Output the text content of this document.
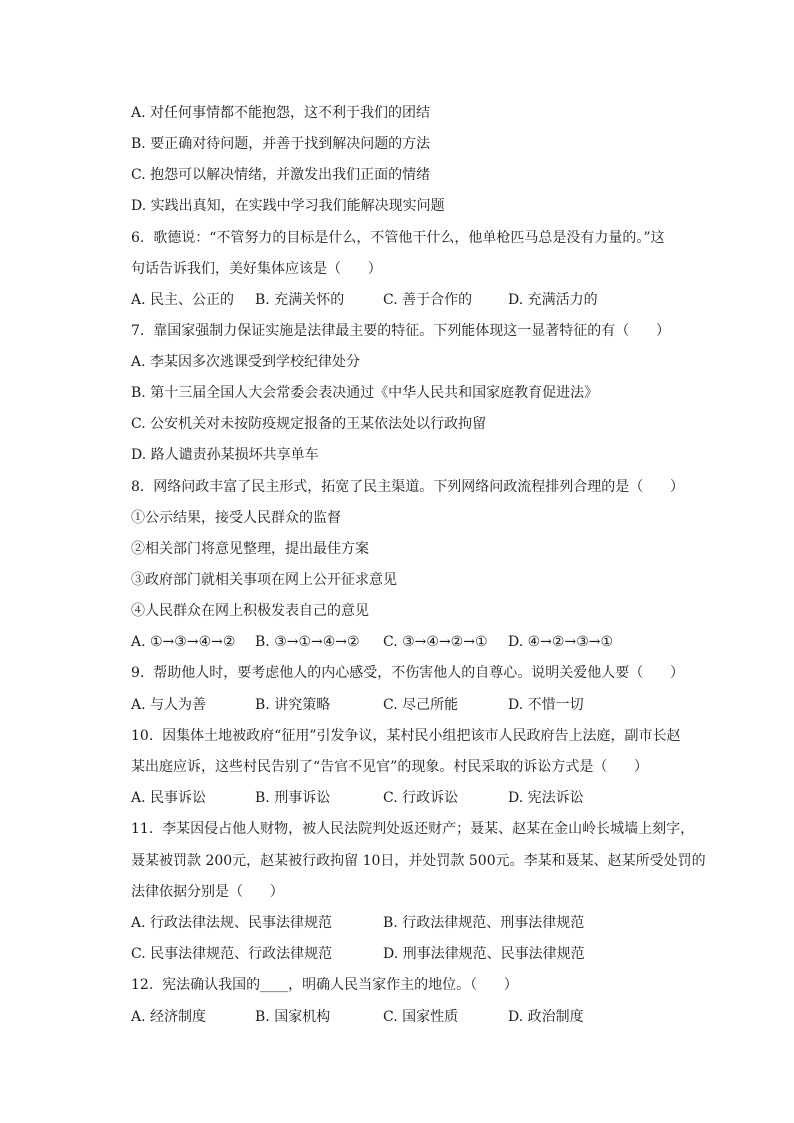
A. 对任何事情都不能抱怨，这不利于我们的团结
B. 要正确对待问题，并善于找到解决问题的方法
C. 抱怨可以解决情绪，并激发出我们正面的情绪
D. 实践出真知，在实践中学习我们能解决现实问题
6.  歌德说：“不管努力的目标是什么，不管他干什么，他单枪匹马总是没有力量的。”这
句话告诉我们，美好集体应该是（      ）
A. 民主、公正的 B. 充满关怀的	C. 善于合作的	D. 充满活力的
7.  靠国家强制力保证实施是法律最主要的特征。下列能体现这一显著特征的有（      ）
A. 李某因多次逃课受到学校纪律处分
B. 第十三届全国人大会常委会表决通过《中华人民共和国家庭教育促进法》
C. 公安机关对未按防疫规定报备的王某依法处以行政拘留
D. 路人谴责孙某损坏共享单车
8.  网络问政丰富了民主形式，拓宽了民主渠道。下列网络问政流程排列合理的是（      ）
①公示结果，接受人民群众的监督
②相关部门将意见整理，提出最佳方案
③政府部门就相关事项在网上公开征求意见
④人民群众在网上积极发表自己的意见
A. ①→③→④→② B. ③→①→④→② C. ③→④→②→① D. ④→②→③→①
9.  帮助他人时，要考虑他人的内心感受，不伤害他人的自尊心。说明关爱他人要（      ）
A. 与人为善	B. 讲究策略	C. 尽己所能	D. 不惜一切
10.  因集体土地被政府“征用”引发争议，某村民小组把该市人民政府告上法庭，副市长赵
某出庭应诉，这些村民告别了“告官不见官”的现象。村民采取的诉讼方式是（      ）
A. 民事诉讼	B. 刑事诉讼	C. 行政诉讼	D. 宪法诉讼
11.  李某因侵占他人财物，被人民法院判处返还财产；聂某、赵某在金山岭长城墙上刻字，
聂某被罚款 200元，赵某被行政拘留 10日，并处罚款 500元。李某和聂某、赵某所受处罚的
法律依据分别是（      ）
A. 行政法律法规、民事法律规范	B. 行政法律规范、刑事法律规范
C. 民事法律规范、行政法律规范	D. 刑事法律规范、民事法律规范
12.  宪法确认我国的____，明确人民当家作主的地位。（      ）
A. 经济制度	B. 国家机构	C. 国家性质	D. 政治制度
